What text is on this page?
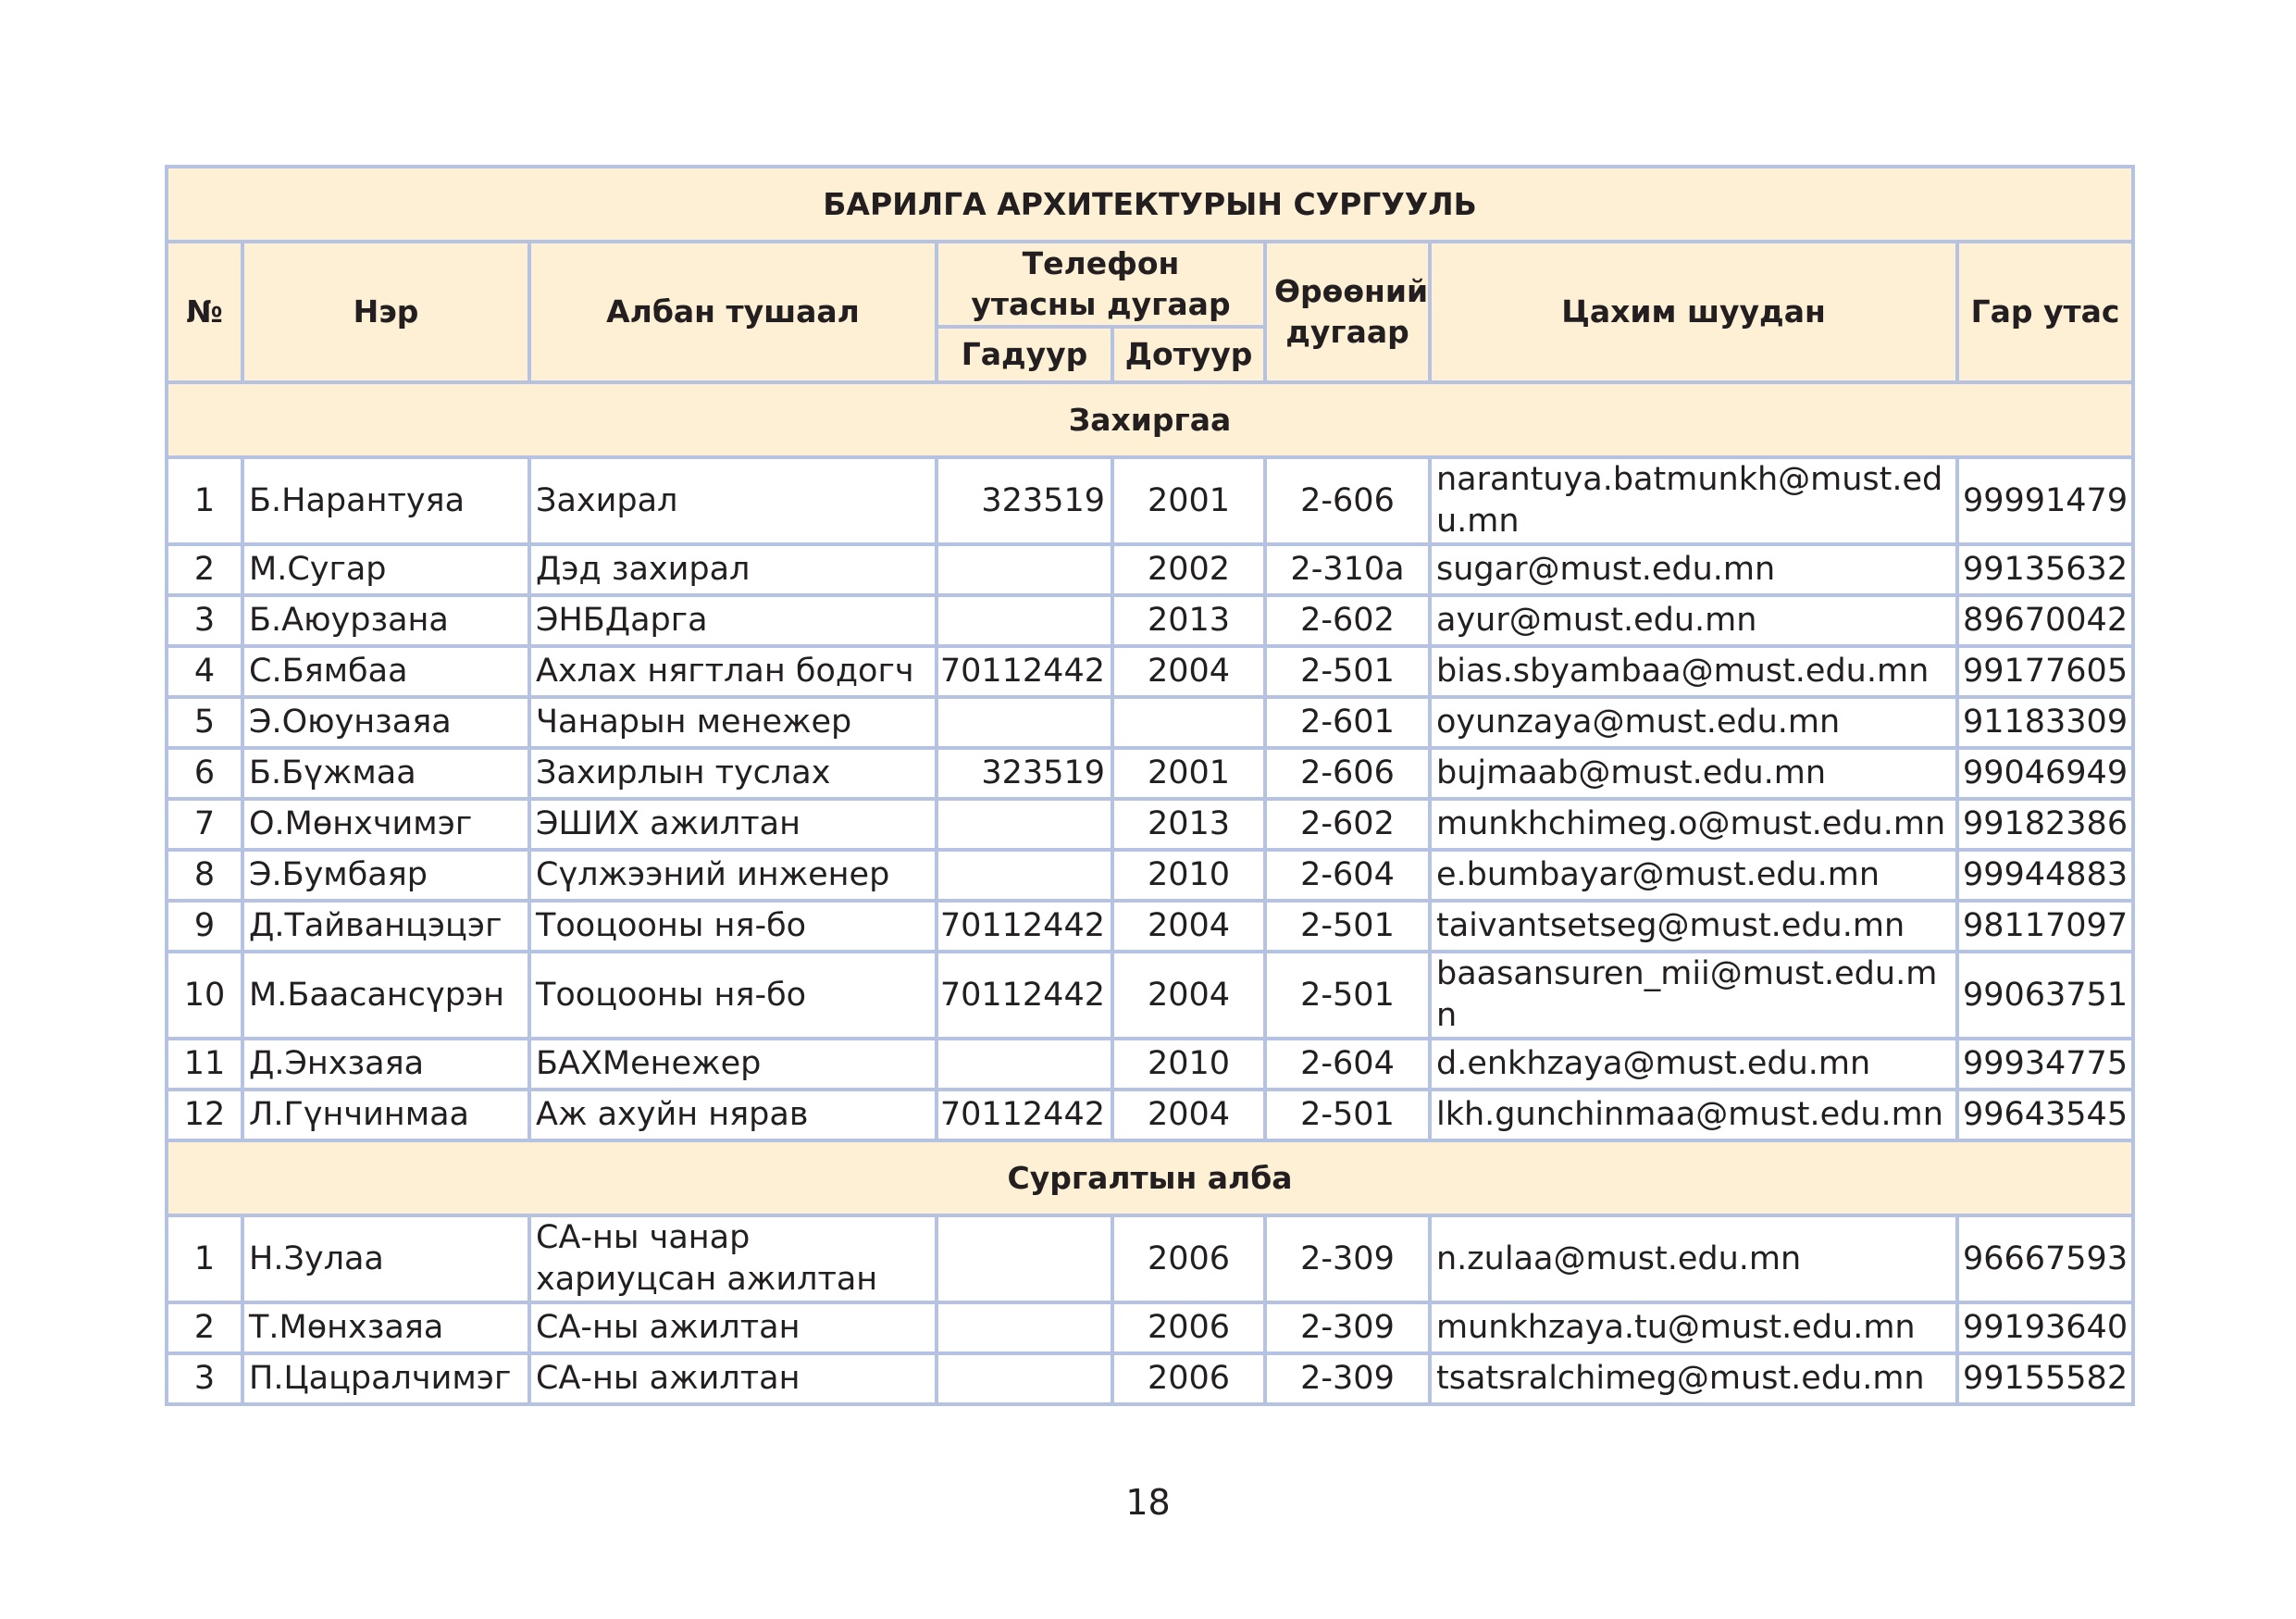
БАРИЛГА АРХИТЕКТУРЫН СУРГУУЛЬ							
№	Нэр	Албан тушаал	Телефон утасны дугаар		Өрөөний дугаар	Цахим шуудан	Гар утас
			Гадуур	Дотуур			
Захиргаа							
1	Б.Нарантуяа	Захирал	323519	2001	2-606	narantuya.batmunkh@must.edu.mn	99991479
2	М.Сугар	Дэд захирал		2002	2-310а	sugar@must.edu.mn	99135632
3	Б.Аюурзана	ЭНБДарга		2013	2-602	ayur@must.edu.mn	89670042
4	С.Бямбаа	Ахлах нягтлан бодогч	70112442	2004	2-501	bias.sbyambaa@must.edu.mn	99177605
5	Э.Оюунзаяа	Чанарын менежер			2-601	oyunzaya@must.edu.mn	91183309
6	Б.Бүжмаа	Захирлын туслах	323519	2001	2-606	bujmaab@must.edu.mn	99046949
7	О.Мөнхчимэг	ЭШИХ ажилтан		2013	2-602	munkhchimeg.o@must.edu.mn	99182386
8	Э.Бумбаяр	Сүлжээний инженер		2010	2-604	e.bumbayar@must.edu.mn	99944883
9	Д.Тайванцэцэг	Тооцооны ня-бо	70112442	2004	2-501	taivantsetseg@must.edu.mn	98117097
10	М.Баасансүрэн	Тооцооны ня-бо	70112442	2004	2-501	baasansuren_mii@must.edu.mn	99063751
11	Д.Энхзаяа	БАХМенежер		2010	2-604	d.enkhzaya@must.edu.mn	99934775
12	Л.Гүнчинмаа	Аж ахуйн нярав	70112442	2004	2-501	lkh.gunchinmaa@must.edu.mn	99643545
Сургалтын алба							
1	Н.Зулаа	СА-ны чанар хариуцсан ажилтан		2006	2-309	n.zulaa@must.edu.mn	96667593
2	Т.Мөнхзаяа	СА-ны ажилтан		2006	2-309	munkhzaya.tu@must.edu.mn	99193640
3	П.Цацралчимэг	СА-ны ажилтан		2006	2-309	tsatsralchimeg@must.edu.mn	99155582
18
